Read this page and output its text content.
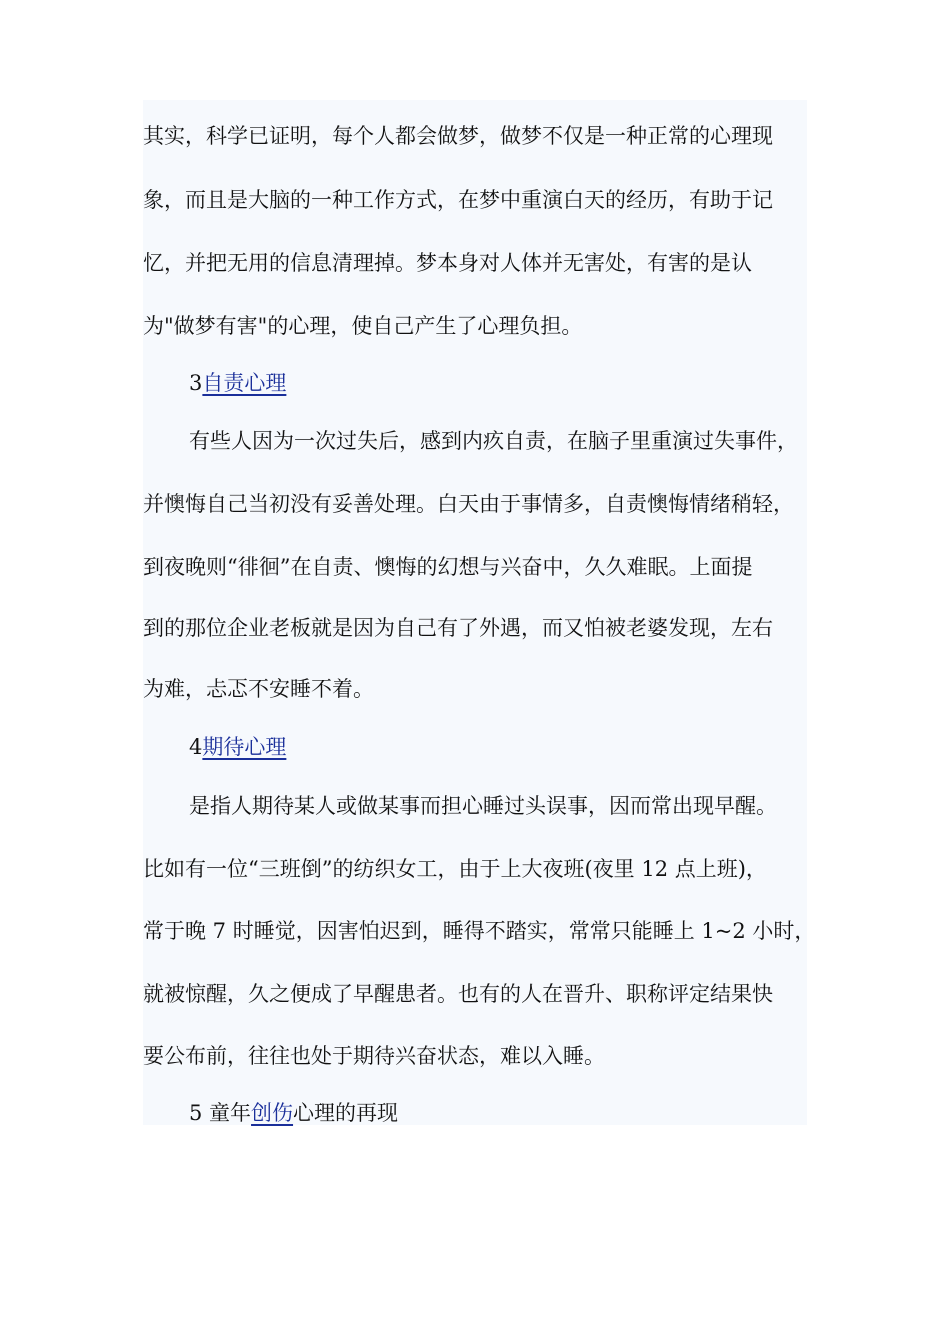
其实，科学已证明，每个人都会做梦，做梦不仅是一种正常的心理现
象，而且是大脑的一种工作方式，在梦中重演白天的经历，有助于记
忆，并把无用的信息清理掉。梦本身对人体并无害处，有害的是认
为"做梦有害"的心理，使自己产生了心理负担。
3自责心理
有些人因为一次过失后，感到内疚自责，在脑子里重演过失事件，
并懊悔自己当初没有妥善处理。白天由于事情多，自责懊悔情绪稍轻，
到夜晚则“徘徊”在自责、懊悔的幻想与兴奋中，久久难眠。上面提
到的那位企业老板就是因为自己有了外遇，而又怕被老婆发现，左右
为难，忐忑不安睡不着。
4期待心理
是指人期待某人或做某事而担心睡过头误事，因而常出现早醒。
比如有一位“三班倒”的纺织女工，由于上大夜班(夜里 12 点上班)，
常于晚 7 时睡觉，因害怕迟到，睡得不踏实，常常只能睡上 1~2 小时，
就被惊醒，久之便成了早醒患者。也有的人在晋升、职称评定结果快
要公布前，往往也处于期待兴奋状态，难以入睡。
5 童年创伤心理的再现
